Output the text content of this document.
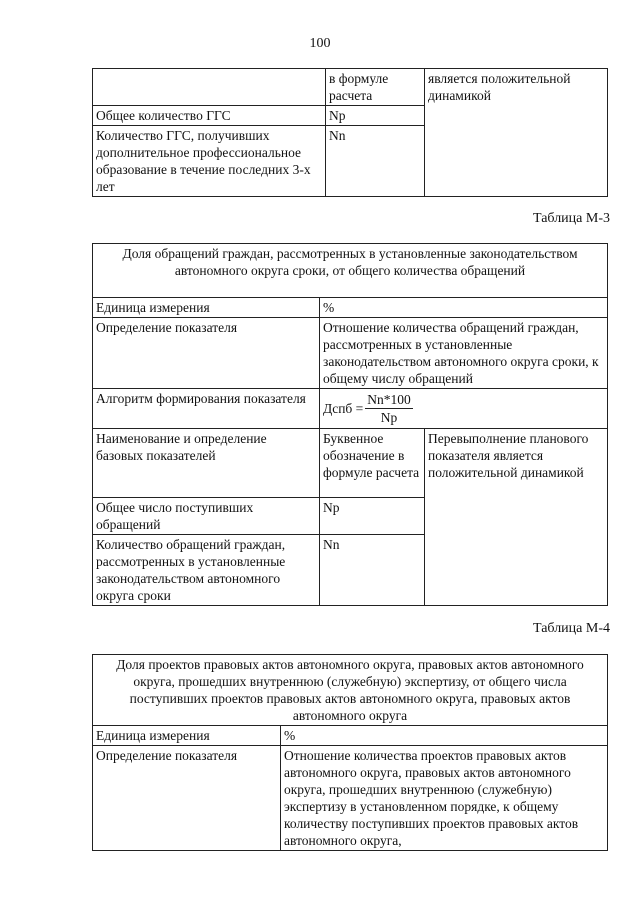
100
	в формуле расчета	является положительной динамикой
Общее количество ГГС	Np	
Количество ГГС, получивших дополнительное профессиональное образование в течение последних 3-х лет	Nn	
Таблица М-3
Доля обращений граждан, рассмотренных в установленные законодательством автономного округа сроки, от общего количества обращений		
Единица измерения	%	
Определение показателя	Отношение количества обращений граждан, рассмотренных в установленные законодательством автономного округа сроки, к общему числу обращений	
Алгоритм формирования показателя	Дспб = $\frac{Nn*100}{Np}$

Наименование и определение базовых показателей	Буквенное обозначение в формуле расчета	Перевыполнение планового показателя является положительной динамикой
Общее число поступивших обращений	Np	
Количество обращений граждан, рассмотренных в установленные законодательством автономного округа сроки	Nn	
Таблица М-4
Доля проектов правовых актов автономного округа, правовых актов автономного округа, прошедших внутреннюю (служебную) экспертизу, от общего числа поступивших проектов правовых актов автономного округа, правовых актов автономного округа	
Единица измерения	%
Определение показателя	Отношение количества проектов правовых актов автономного округа, правовых актов автономного округа, прошедших внутреннюю (служебную) экспертизу в установленном порядке, к общему количеству поступивших проектов правовых актов автономного округа,
